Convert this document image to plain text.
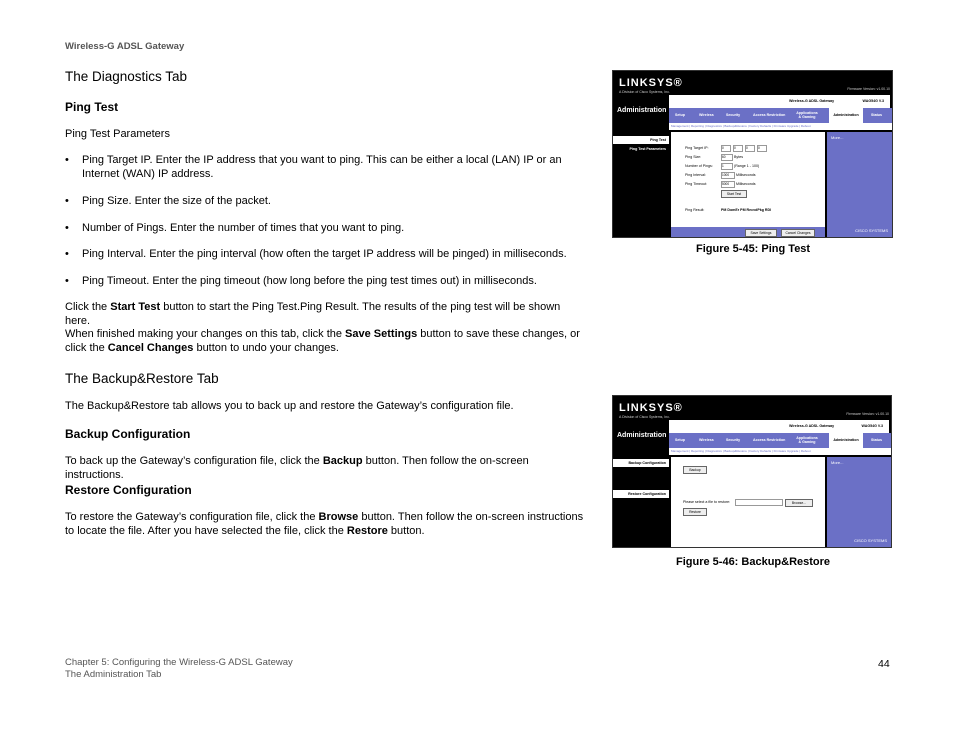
Wireless-G ADSL Gateway
The Diagnostics Tab
Ping Test
Ping Test Parameters
• Ping Target IP. Enter the IP address that you want to ping. This can be either a local (LAN) IP or an Internet (WAN) IP address.
• Ping Size. Enter the size of the packet.
• Number of Pings. Enter the number of times that you want to ping.
• Ping Interval. Enter the ping interval (how often the target IP address will be pinged) in milliseconds.
• Ping Timeout. Enter the ping timeout (how long before the ping test times out) in milliseconds.
Click the Start Test button to start the Ping Test.Ping Result. The results of the ping test will be shown here.
When finished making your changes on this tab, click the Save Settings button to save these changes, or click the Cancel Changes button to undo your changes.
The Backup&Restore Tab
The Backup&Restore tab allows you to back up and restore the Gateway’s configuration file.
Backup Configuration
To back up the Gateway’s configuration file, click the Backup button. Then follow the on-screen instructions.
Restore Configuration
To restore the Gateway’s configuration file, click the Browse button. Then follow the on-screen instructions to locate the file. After you have selected the file, click the Restore button.
LINKSYS®
A Division of Cisco Systems, Inc.
Firmware Version: v1.00.10
Wireless-G ADSL Gateway	WAG54G V.3
Administration
Setup	Wireless	Security	Access Restriction	Applications & Gaming	Administration	Status
Management | Reporting | Diagnostics | Backup&Restore | Factory Defaults | Firmware Upgrade | Reboot
Ping Test
Ping Test Parameters	Ping Target IP:	0	0	0	0
Ping Size:	60	Bytes
Number of Pings:	1	(Range 1 - 100)
Ping Interval:	1000	Milliseconds
Ping Timeout:	5000	Milliseconds
Start Test
Ping Result:	PM DomEr PM RecvdPkg RDI
Save Settings	Cancel Changes
More...
CISCO SYSTEMS
Figure 5-45: Ping Test
LINKSYS®
A Division of Cisco Systems, Inc.
Firmware Version: v1.00.10
Wireless-G ADSL Gateway	WAG54G V.3
Administration
Setup	Wireless	Security	Access Restriction	Applications & Gaming	Administration	Status
Management | Reporting | Diagnostics | Backup&Restore | Factory Defaults | Firmware Upgrade | Reboot
Backup Configuration
Restore Configuration
Backup
Please select a file to restore:	Browse...
Restore
More...
CISCO SYSTEMS
Figure 5-46: Backup&Restore
Chapter 5: Configuring the Wireless-G ADSL Gateway
The Administration Tab
44
